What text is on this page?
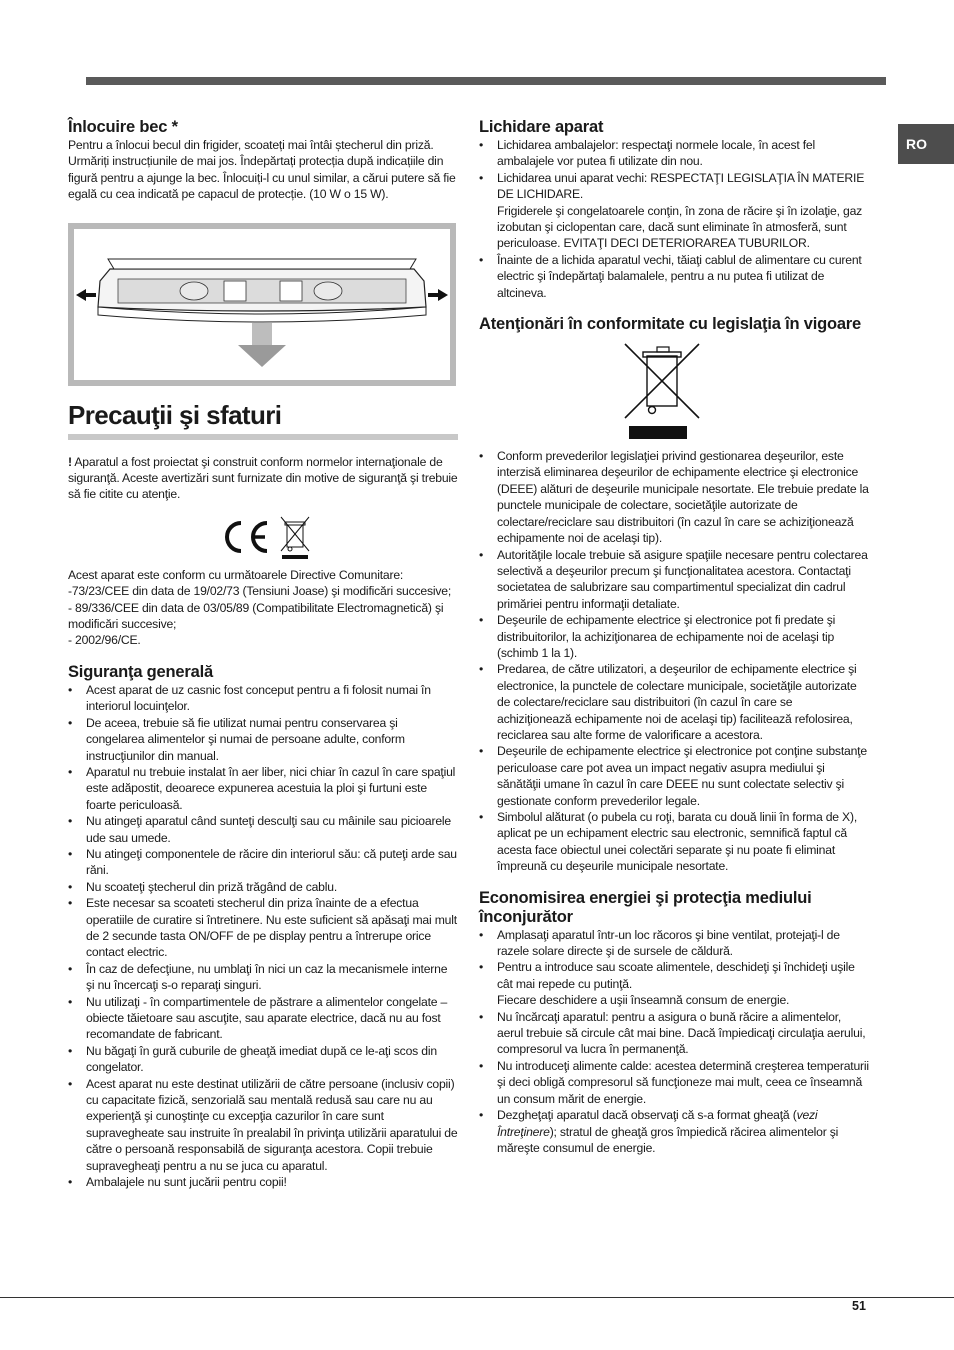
RO
Înlocuire bec *

Pentru a înlocui becul din frigider, scoateți mai întâi ștecherul din priză. Urmăriți instrucțiunile de mai jos. Îndepărtați protecția după indicațiile din figură pentru a ajunge la bec. Înlocuiți-l cu unul similar, a cărui putere să fie egală cu cea indicată pe capacul de protecție. (10 W o 15 W).

Precauţii şi sfaturi

! Aparatul a fost proiectat şi construit conform normelor internaţionale de siguranţă. Aceste avertizări sunt furnizate din motive de siguranţă şi trebuie să fie citite cu atenţie.

Acest aparat este conform cu următoarele Directive Comunitare:

-73/23/CEE din data de 19/02/73 (Tensiuni Joase) şi modificări succesive;

- 89/336/CEE din data de 03/05/89 (Compatibilitate Electromagnetică) şi modificări succesive;

- 2002/96/CE.

Siguranţa generală
• Acest aparat de uz casnic fost conceput pentru a fi folosit numai în interiorul locuinţelor.
• De aceea, trebuie să fie utilizat numai pentru conservarea şi congelarea alimentelor şi numai de persoane adulte, conform instrucţiunilor din manual.
• Aparatul nu trebuie instalat în aer liber, nici chiar în cazul în care spaţiul este adăpostit, deoarece expunerea acestuia la ploi şi furtuni este foarte periculoasă.
• Nu atingeţi aparatul când sunteţi desculţi sau cu mâinile sau picioarele ude sau umede.
• Nu atingeţi componentele de răcire din interiorul său: că puteţi arde sau răni.
• Nu scoateţi ştecherul din priză trăgând de cablu.
• Este necesar sa scoateti stecherul din priza înainte de a efectua operatiile de curatire si întretinere. Nu este suficient să apăsaţi mai mult de 2 secunde tasta ON/OFF de pe display pentru a întrerupe orice contact electric.
• În caz de defecţiune, nu umblaţi în nici un caz la mecanismele interne şi nu încercaţi s-o reparaţi singuri.
• Nu utilizaţi - în compartimentele de păstrare a alimentelor congelate – obiecte tăietoare sau ascuţite, sau aparate electrice, dacă nu au fost recomandate de fabricant.
• Nu băgaţi în gură cuburile de gheaţă imediat după ce le-aţi scos din congelator.
• Acest aparat nu este destinat utilizării de către persoane (inclusiv copii) cu capacitate fizică, senzorială sau mentală redusă sau care nu au experienţă şi cunoştinţe cu excepţia cazurilor în care sunt supravegheate sau instruite în prealabil în privinţa utilizării aparatului de către o persoană responsabilă de siguranţa acestora. Copii trebuie supravegheaţi pentru a nu se juca cu aparatul.
• Ambalajele nu sunt jucării pentru copii!
Lichidare aparat
• Lichidarea ambalajelor: respectaţi normele locale, în acest fel ambalajele vor putea fi utilizate din nou.
• Lichidarea unui aparat vechi: RESPECTAŢI LEGISLAŢIA ÎN MATERIE DE LICHIDARE.
Frigiderele şi congelatoarele conţin, în zona de răcire şi în izolaţie, gaz izobutan şi ciclopentan care, dacă sunt eliminate în atmosferă, sunt periculoase. EVITAŢI DECI DETERIORAREA TUBURILOR.
• Înainte de a lichida aparatul vechi, tăiaţi cablul de alimentare cu curent electric şi îndepărtaţi balamalele, pentru a nu putea fi utilizat de altcineva.
Atenţionări în conformitate cu legislaţia în vigoare
• Conform prevederilor legislaţiei privind gestionarea deşeurilor, este interzisă eliminarea deşeurilor de echipamente electrice şi electronice (DEEE) alături de deşeurile municipale nesortate. Ele trebuie predate la punctele municipale de colectare, societăţile autorizate de colectare/reciclare sau distribuitori (în cazul în care se achiziţionează echipamente noi de acelaşi tip).
• Autorităţile locale trebuie să asigure spaţiile necesare pentru colectarea selectivă a deşeurilor precum şi funcţionalitatea acestora. Contactaţi societatea de salubrizare sau compartimentul specializat din cadrul primăriei pentru informaţii detaliate.
• Deşeurile de echipamente electrice şi electronice pot fi predate şi distribuitorilor, la achiziţionarea de echipamente noi de acelaşi tip (schimb 1 la 1).
• Predarea, de către utilizatori, a deşeurilor de echipamente electrice şi electronice, la punctele de colectare municipale, societăţile autorizate de colectare/reciclare sau distribuitori (în cazul în care se achiziţionează echipamente noi de acelaşi tip) facilitează refolosirea, reciclarea sau alte forme de valorificare a acestora.
• Deşeurile de echipamente electrice şi electronice pot conţine substanţe periculoase care pot avea un impact negativ asupra mediului şi sănătăţii umane în cazul în care DEEE nu sunt colectate selectiv şi gestionate conform prevederilor legale.
• Simbolul alăturat (o pubela cu roţi, barata cu două linii în forma de X), aplicat pe un echipament electric sau electronic, semnifică faptul că acesta face obiectul unei colectări separate şi nu poate fi eliminat împreună cu deşeurile municipale nesortate.
Economisirea energiei şi protecţia mediului înconjurător
• Amplasaţi aparatul într-un loc răcoros şi bine ventilat, protejaţi-l de razele solare directe şi de sursele de căldură.
• Pentru a introduce sau scoate alimentele, deschideţi şi închideţi uşile cât mai repede cu putinţă.
Fiecare deschidere a uşii înseamnă consum de energie.
• Nu încărcaţi aparatul: pentru a asigura o bună răcire a alimentelor, aerul trebuie să circule cât mai bine. Dacă împiedicaţi circulaţia aerului, compresorul va lucra în permanenţă.
• Nu introduceţi alimente calde: acestea determină creşterea temperaturii şi deci obligă compresorul să funcţioneze mai mult, ceea ce înseamnă un consum mărit de energie.
• Dezgheţaţi aparatul dacă observaţi că s-a format gheaţă (vezi Întreţinere); stratul de gheaţă gros împiedică răcirea alimentelor şi măreşte consumul de energie.
51
